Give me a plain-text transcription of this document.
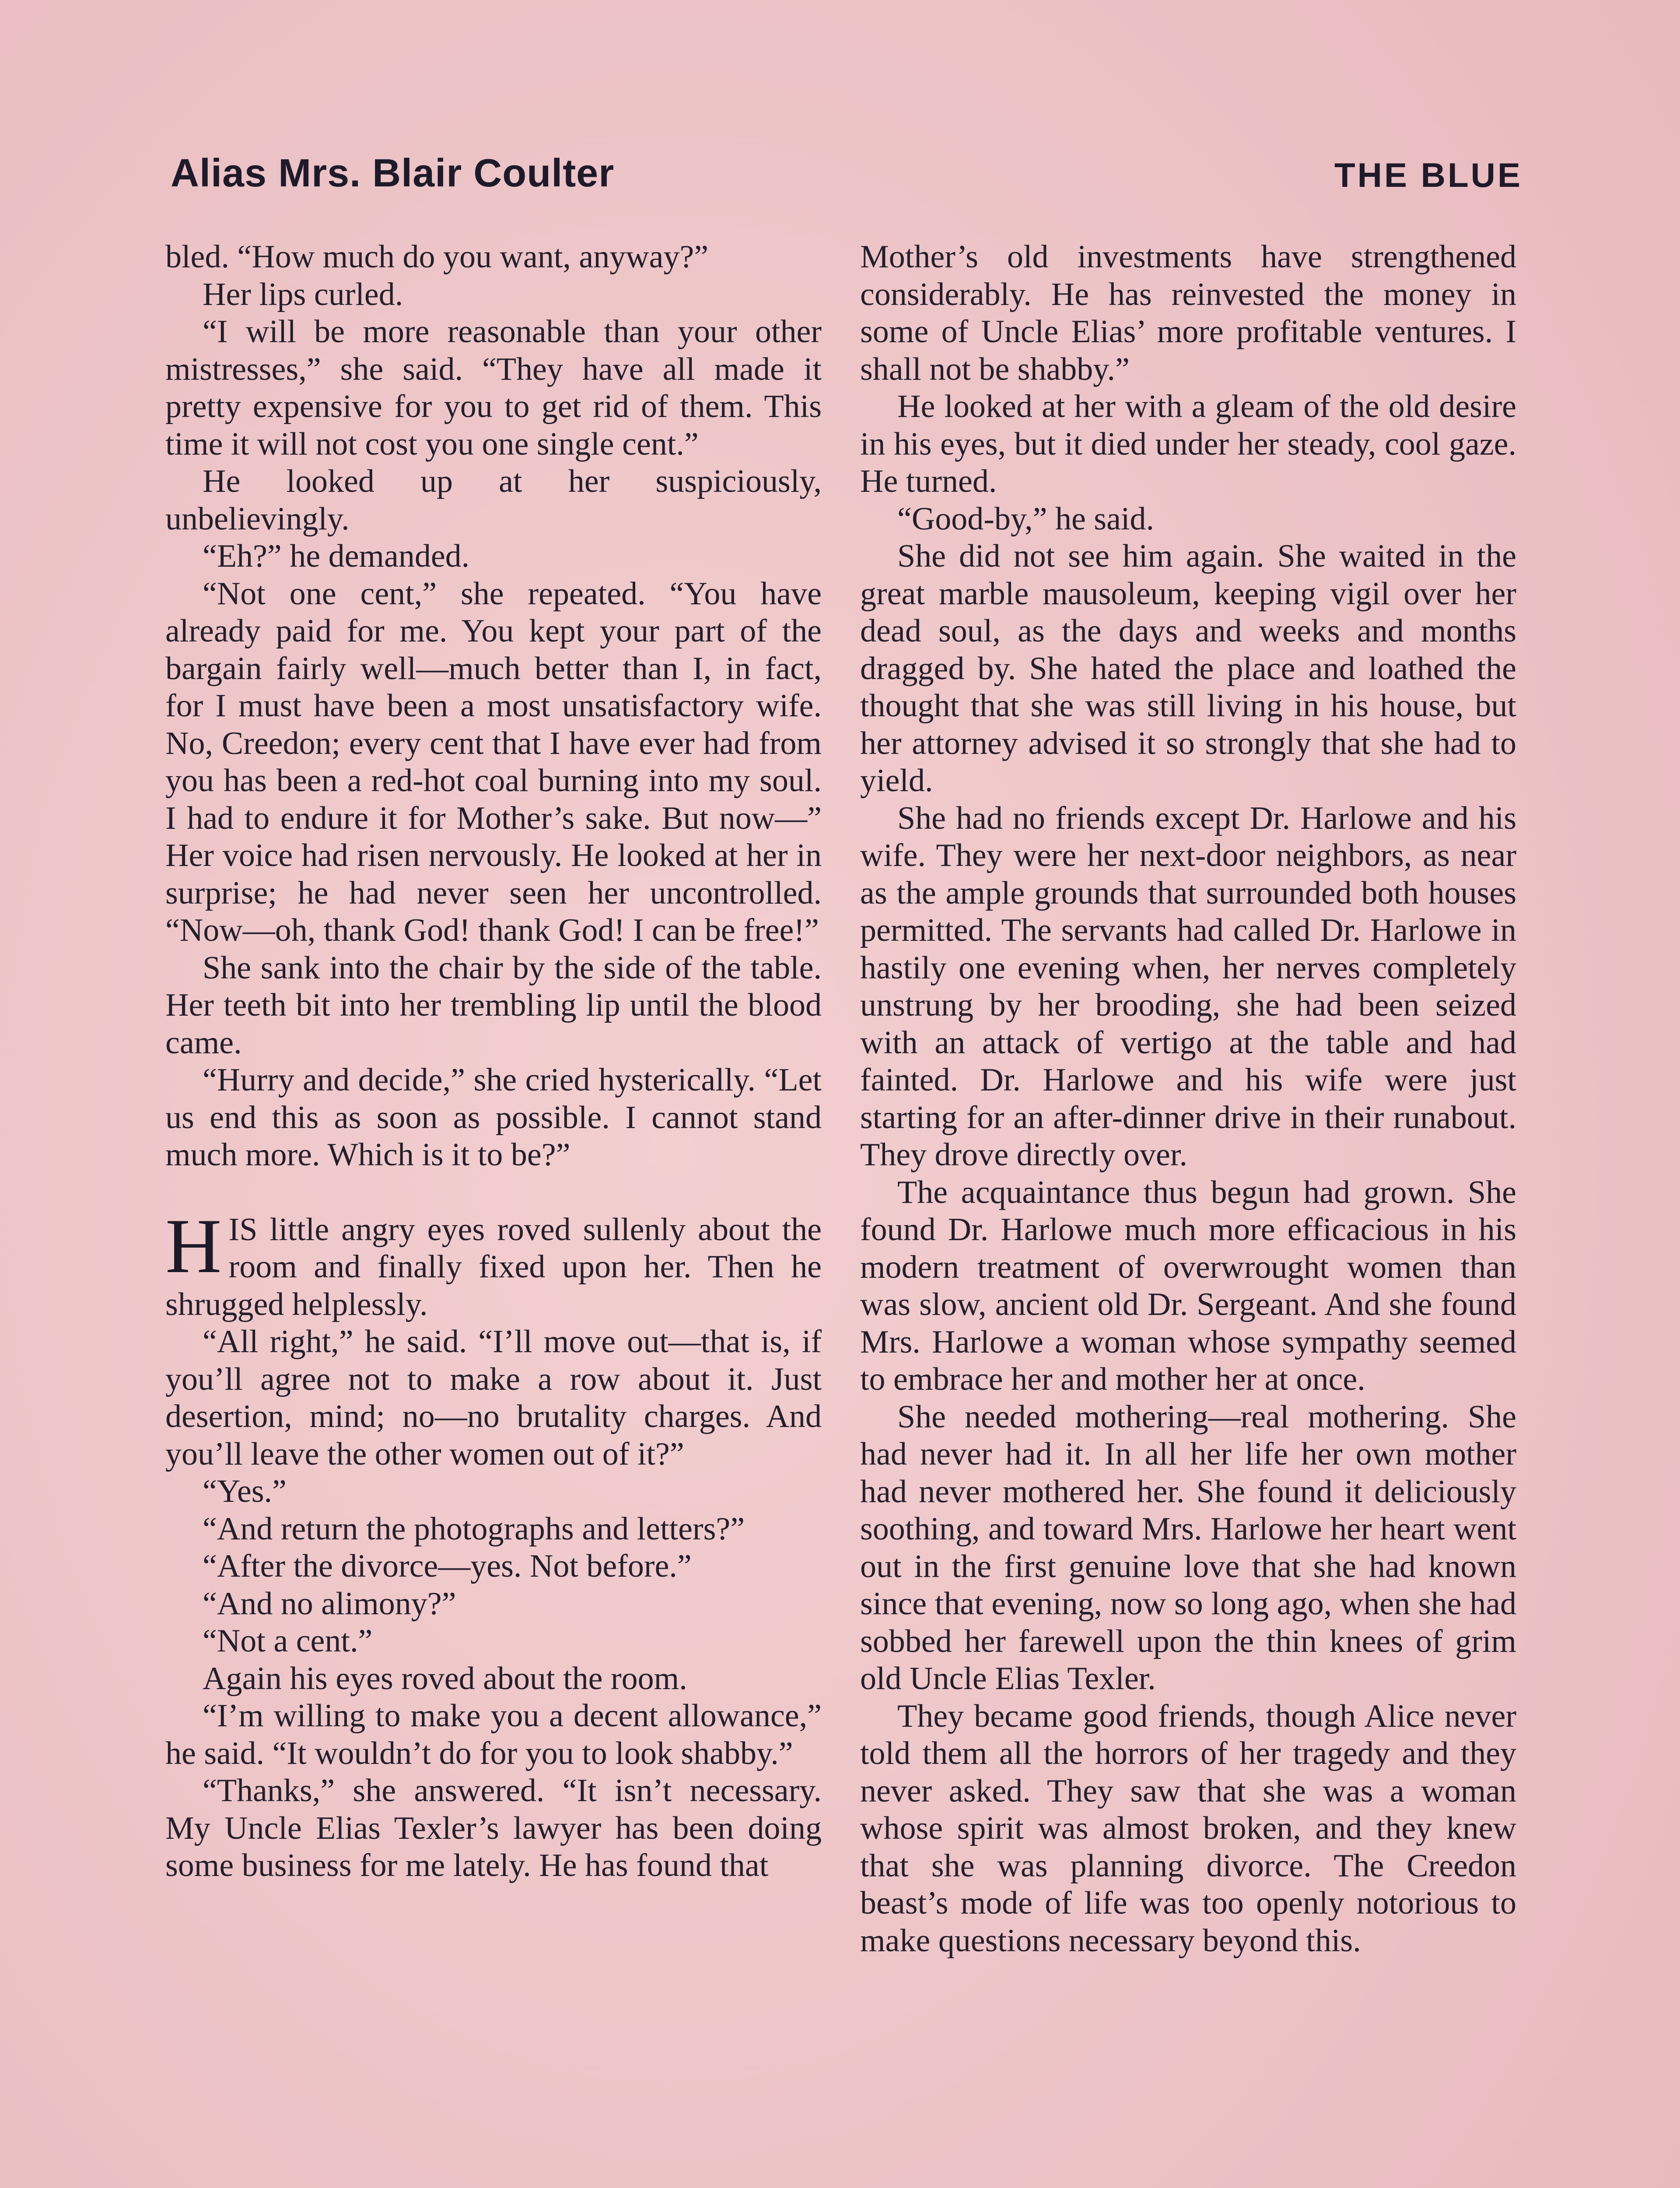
Alias Mrs. Blair Coulter	THE BLUE

bled. “How much do you want, anyway?”

Her lips curled.

“I will be more reasonable than your other mistresses,” she said. “They have all made it pretty expensive for you to get rid of them. This time it will not cost you one single cent.”

He looked up at her suspiciously, unbelievingly.

“Eh?” he demanded.

“Not one cent,” she repeated. “You have already paid for me. You kept your part of the bargain fairly well—much better than I, in fact, for I must have been a most unsatisfactory wife. No, Creedon; every cent that I have ever had from you has been a red-hot coal burning into my soul. I had to endure it for Mother’s sake. But now—” Her voice had risen nervously. He looked at her in surprise; he had never seen her uncontrolled. “Now—oh, thank God! thank God! I can be free!”

She sank into the chair by the side of the table. Her teeth bit into her trembling lip until the blood came.

“Hurry and decide,” she cried hysterically. “Let us end this as soon as possible. I cannot stand much more. Which is it to be?”

HIS little angry eyes roved sullenly about the room and finally fixed upon her. Then he shrugged helplessly.

“All right,” he said. “I’ll move out—that is, if you’ll agree not to make a row about it. Just desertion, mind; no—no brutality charges. And you’ll leave the other women out of it?”

“Yes.”

“And return the photographs and letters?”

“After the divorce—yes. Not before.”

“And no alimony?”

“Not a cent.”

Again his eyes roved about the room.

“I’m willing to make you a decent allowance,” he said. “It wouldn’t do for you to look shabby.”

“Thanks,” she answered. “It isn’t necessary. My Uncle Elias Texler’s lawyer has been doing some business for me lately. He has found that

Mother’s old investments have strengthened considerably. He has reinvested the money in some of Uncle Elias’ more profitable ventures. I shall not be shabby.”

He looked at her with a gleam of the old desire in his eyes, but it died under her steady, cool gaze. He turned.

“Good-by,” he said.

She did not see him again. She waited in the great marble mausoleum, keeping vigil over her dead soul, as the days and weeks and months dragged by. She hated the place and loathed the thought that she was still living in his house, but her attorney advised it so strongly that she had to yield.

She had no friends except Dr. Harlowe and his wife. They were her next-door neighbors, as near as the ample grounds that surrounded both houses permitted. The servants had called Dr. Harlowe in hastily one evening when, her nerves completely unstrung by her brooding, she had been seized with an attack of vertigo at the table and had fainted. Dr. Harlowe and his wife were just starting for an after-dinner drive in their runabout. They drove directly over.

The acquaintance thus begun had grown. She found Dr. Harlowe much more efficacious in his modern treatment of overwrought women than was slow, ancient old Dr. Sergeant. And she found Mrs. Harlowe a woman whose sympathy seemed to embrace her and mother her at once.

She needed mothering—real mothering. She had never had it. In all her life her own mother had never mothered her. She found it deliciously soothing, and toward Mrs. Harlowe her heart went out in the first genuine love that she had known since that evening, now so long ago, when she had sobbed her farewell upon the thin knees of grim old Uncle Elias Texler.

They became good friends, though Alice never told them all the horrors of her tragedy and they never asked. They saw that she was a woman whose spirit was almost broken, and they knew that she was planning divorce. The Creedon beast’s mode of life was too openly notorious to make questions necessary beyond this.
